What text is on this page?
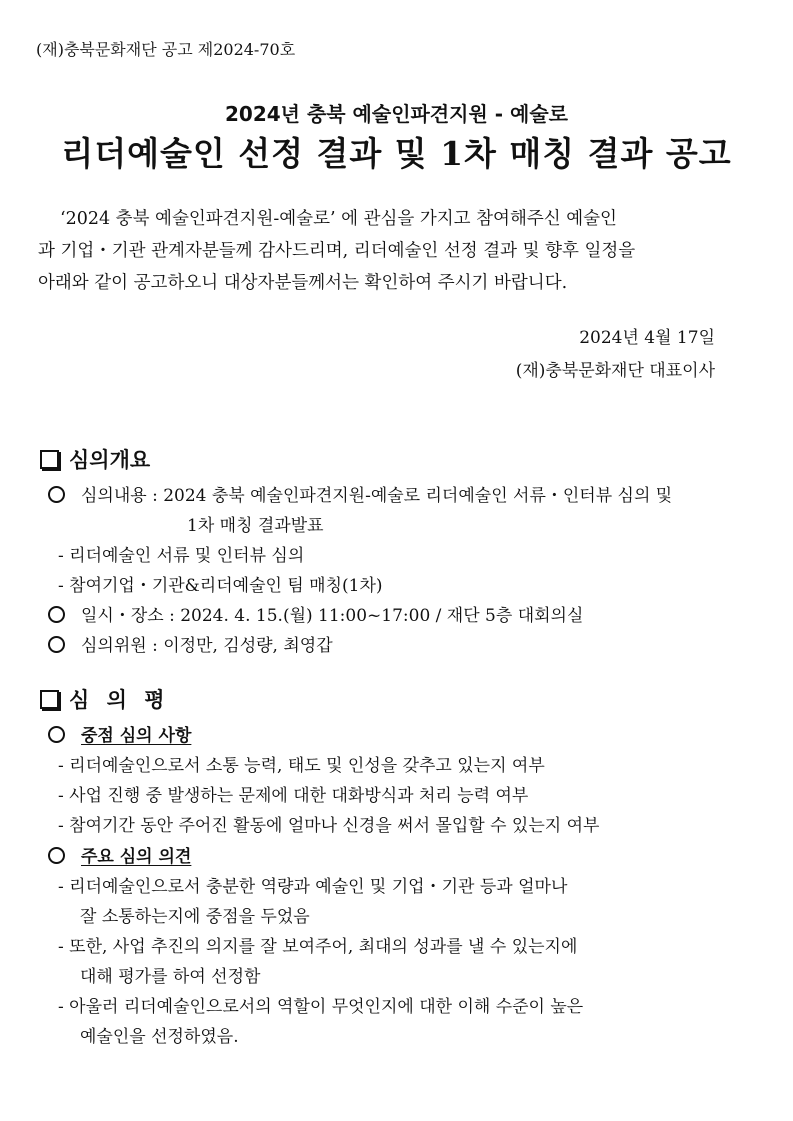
(재)충북문화재단 공고 제2024-70호
2024년 충북 예술인파견지원 - 예술로
리더예술인 선정 결과 및 1차 매칭 결과 공고
‘2024 충북 예술인파견지원-예술로’ 에 관심을 가지고 참여해주신 예술인
과 기업・기관 관계자분들께 감사드리며, 리더예술인 선정 결과 및 향후 일정을
아래와 같이 공고하오니 대상자분들께서는 확인하여 주시기 바랍니다.
2024년 4월 17일
(재)충북문화재단 대표이사
심의개요
심의내용 : 2024 충북 예술인파견지원-예술로 리더예술인 서류・인터뷰 심의 및
1차 매칭 결과발표
- 리더예술인 서류 및 인터뷰 심의
- 참여기업・기관&리더예술인 팀 매칭(1차)
일시・장소 : 2024. 4. 15.(월) 11:00~17:00 / 재단 5층 대회의실
심의위원 : 이정만, 김성량, 최영갑
심 의 평
중점 심의 사항
- 리더예술인으로서 소통 능력, 태도 및 인성을 갖추고 있는지 여부
- 사업 진행 중 발생하는 문제에 대한 대화방식과 처리 능력 여부
- 참여기간 동안 주어진 활동에 얼마나 신경을 써서 몰입할 수 있는지 여부
주요 심의 의견
- 리더예술인으로서 충분한 역량과 예술인 및 기업・기관 등과 얼마나
잘 소통하는지에 중점을 두었음
- 또한, 사업 추진의 의지를 잘 보여주어, 최대의 성과를 낼 수 있는지에
대해 평가를 하여 선정함
- 아울러 리더예술인으로서의 역할이 무엇인지에 대한 이해 수준이 높은
예술인을 선정하였음.
